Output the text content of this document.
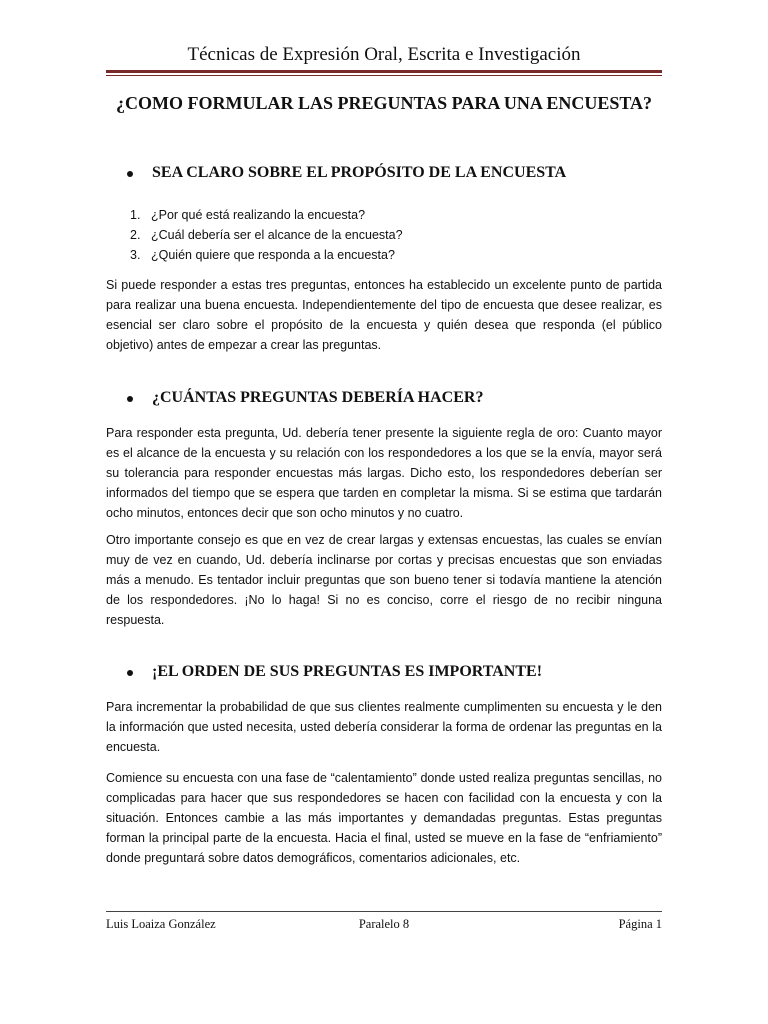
Técnicas de Expresión Oral, Escrita e Investigación
¿COMO FORMULAR LAS PREGUNTAS PARA UNA ENCUESTA?
SEA CLARO SOBRE EL PROPÓSITO DE LA ENCUESTA
1. ¿Por qué está realizando la encuesta?
2. ¿Cuál debería ser el alcance de la encuesta?
3. ¿Quién quiere que responda a la encuesta?

Si puede responder a estas tres preguntas, entonces ha establecido un excelente punto de partida para realizar una buena encuesta. Independientemente del tipo de encuesta que desee realizar, es esencial ser claro sobre el propósito de la encuesta y quién desea que responda (el público objetivo) antes de empezar a crear las preguntas.

¿CUÁNTAS PREGUNTAS DEBERÍA HACER?

Para responder esta pregunta, Ud. debería tener presente la siguiente regla de oro: Cuanto mayor es el alcance de la encuesta y su relación con los respondedores a los que se la envía, mayor será su tolerancia para responder encuestas más largas. Dicho esto, los respondedores deberían ser informados del tiempo que se espera que tarden en completar la misma. Si se estima que tardarán ocho minutos, entonces decir que son ocho minutos y no cuatro.

Otro importante consejo es que en vez de crear largas y extensas encuestas, las cuales se envían muy de vez en cuando, Ud. debería inclinarse por cortas y precisas encuestas que son enviadas más a menudo. Es tentador incluir preguntas que son bueno tener si todavía mantiene la atención de los respondedores. ¡No lo haga! Si no es conciso, corre el riesgo de no recibir ninguna respuesta.

¡EL ORDEN DE SUS PREGUNTAS ES IMPORTANTE!

Para incrementar la probabilidad de que sus clientes realmente cumplimenten su encuesta y le den la información que usted necesita, usted debería considerar la forma de ordenar las preguntas en la encuesta.

Comience su encuesta con una fase de “calentamiento” donde usted realiza preguntas sencillas, no complicadas para hacer que sus respondedores se hacen con facilidad con la encuesta y con la situación. Entonces cambie a las más importantes y demandadas preguntas. Estas preguntas forman la principal parte de la encuesta. Hacia el final, usted se mueve en la fase de “enfriamiento” donde preguntará sobre datos demográficos, comentarios adicionales, etc.

Luis Loaiza González	Paralelo 8	Página 1
